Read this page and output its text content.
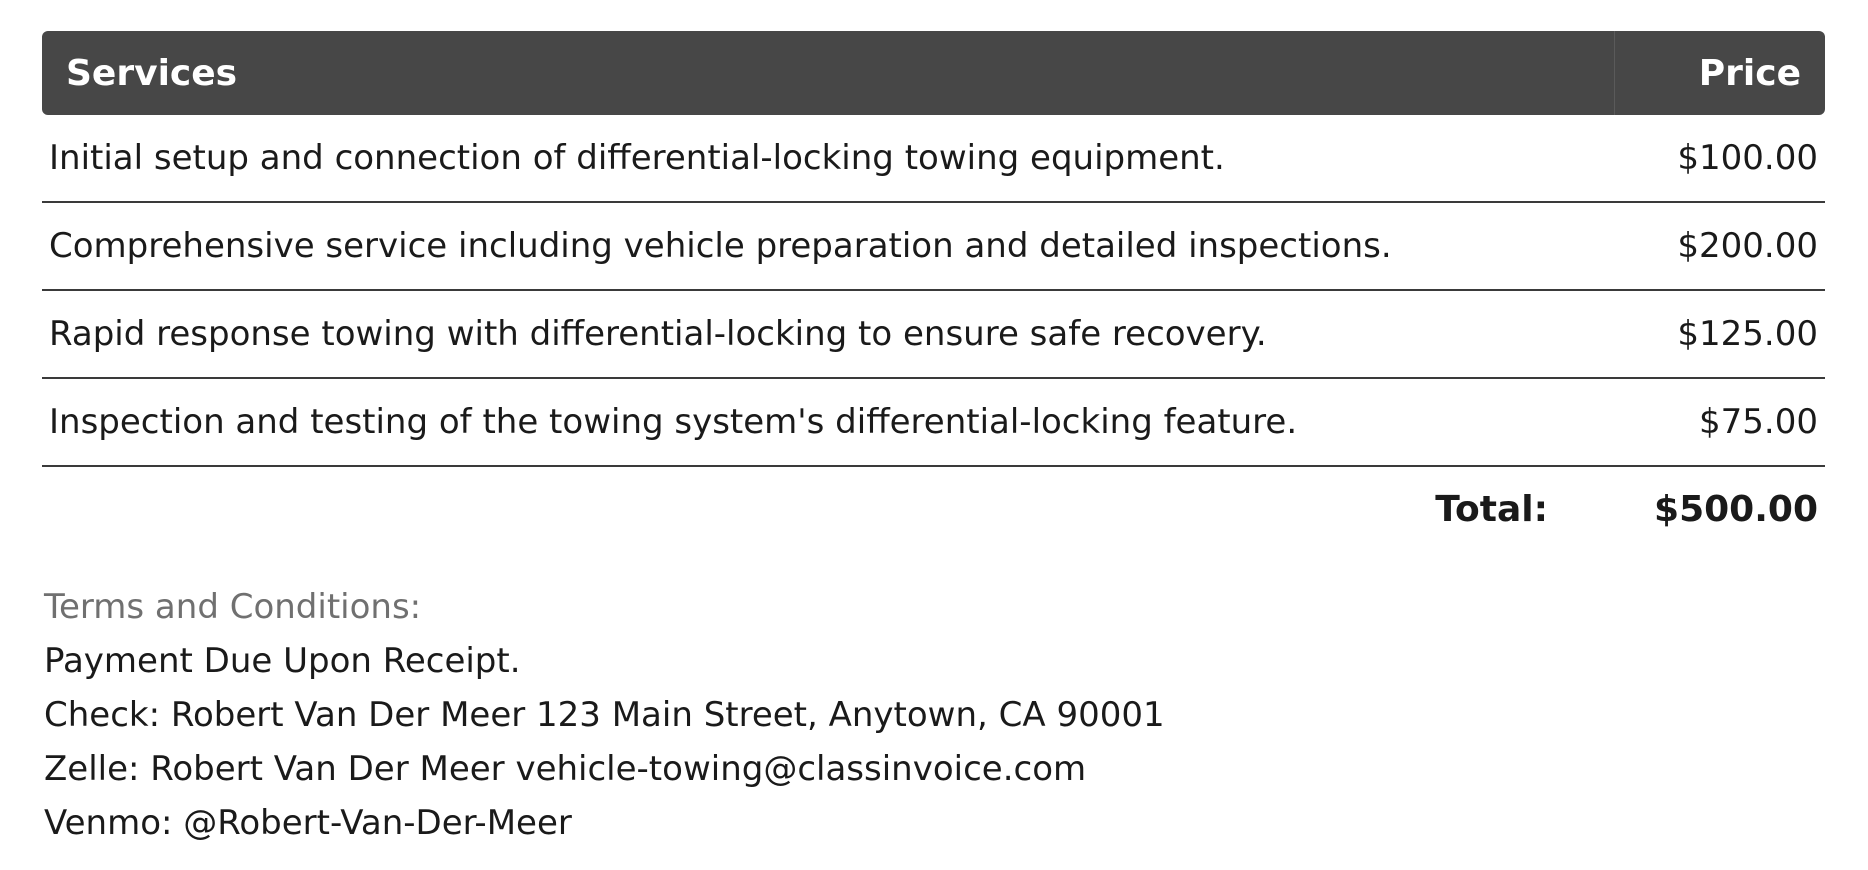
Services	Price
Initial setup and connection of differential-locking towing equipment.	$100.00
Comprehensive service including vehicle preparation and detailed inspections.	$200.00
Rapid response towing with differential-locking to ensure safe recovery.	$125.00
Inspection and testing of the towing system's differential-locking feature.	$75.00
Total:	$500.00
Terms and Conditions:
Payment Due Upon Receipt.
Check: Robert Van Der Meer 123 Main Street, Anytown, CA 90001
Zelle: Robert Van Der Meer vehicle-towing@classinvoice.com
Venmo: @Robert-Van-Der-Meer
